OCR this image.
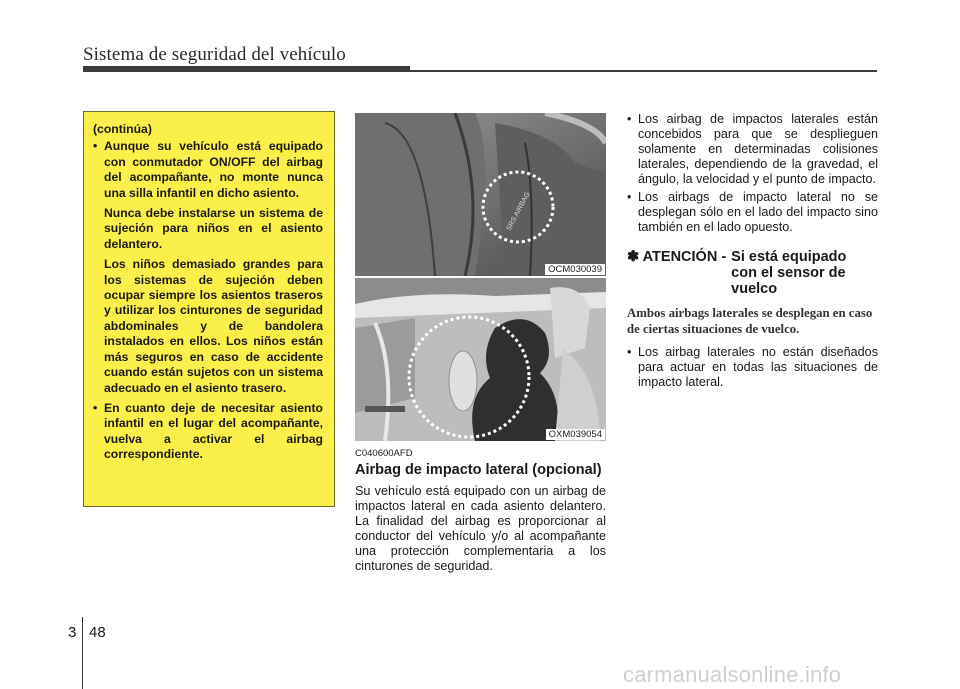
Sistema de seguridad del vehículo
(continúa)
• Aunque su vehículo está equipado con conmutador ON/OFF del airbag del acompañante, no monte nunca una silla infantil en dicho asiento.

Nunca debe instalarse un sistema de sujeción para niños en el asiento delantero.

Los niños demasiado grandes para los sistemas de sujeción deben ocupar siempre los asientos traseros y utilizar los cinturones de seguridad abdominales y de bandolera instalados en ellos. Los niños están más seguros en caso de accidente cuando están sujetos con un sistema adecuado en el asiento trasero.

• En cuanto deje de necesitar asiento infantil en el lugar del acompañante, vuelva a activar el airbag correspondiente.

SRS AIRBAG
OCM030039
OXM039054
C040600AFD
Airbag de impacto lateral (opcional)

Su vehículo está equipado con un airbag de impactos lateral en cada asiento delantero. La finalidad del airbag es proporcionar al conductor del vehículo y/o al acompañante una protección complementaria a los cinturones de seguridad.

• Los airbag de impactos laterales están concebidos para que se desplieguen solamente en determinadas colisiones laterales, dependiendo de la gravedad, el ángulo, la velocidad y el punto de impacto.
• Los airbags de impacto lateral no se desplegan sólo en el lado del impacto sino también en el lado opuesto.
✽ ATENCIÓN - Si está equipado con el sensor de vuelco

Ambos airbags laterales se desplegan en caso de ciertas situaciones de vuelco.

• Los airbag laterales no están diseñados para actuar en todas las situaciones de impacto lateral.
3 48
carmanualsonline.info
